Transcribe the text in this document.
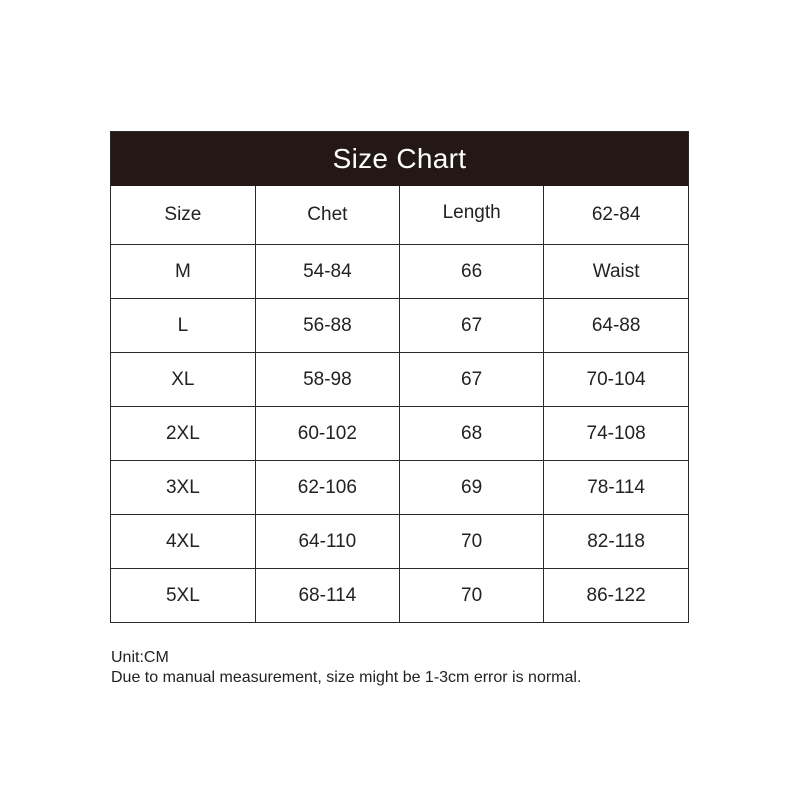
Size Chart
Size	Chet	Length	62-84
M	54-84	66	Waist
L	56-88	67	64-88
XL	58-98	67	70-104
2XL	60-102	68	74-108
3XL	62-106	69	78-114
4XL	64-110	70	82-118
5XL	68-114	70	86-122
Unit:CM
Due to manual measurement, size might be 1-3cm error is normal.
